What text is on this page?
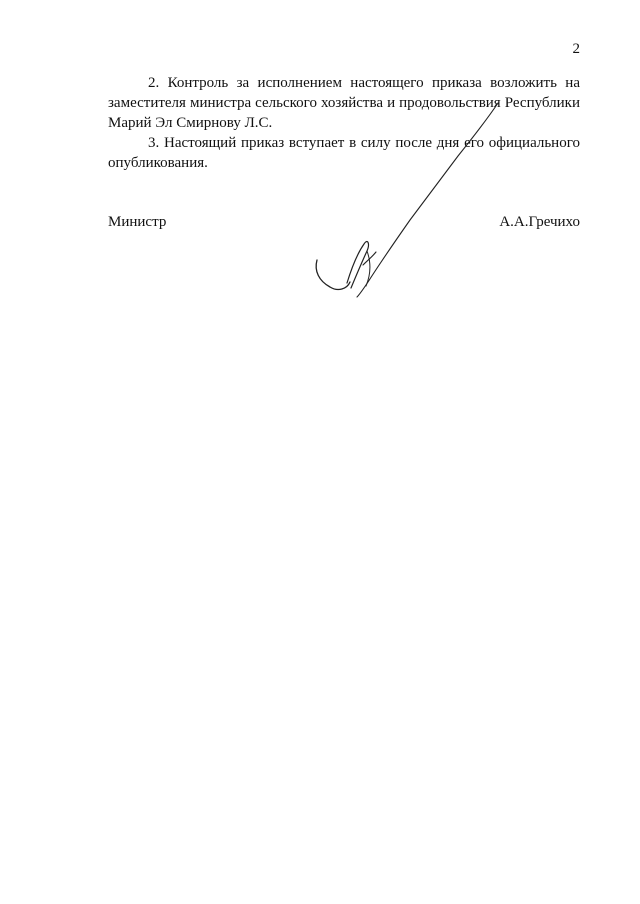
2

2. Контроль за исполнением настоящего приказа возложить на заместителя министра сельского хозяйства и продовольствия Республики Марий Эл Смирнову Л.С.

3. Настоящий приказ вступает в силу после дня его официального опубликования.

Министр	А.А.Гречихо
